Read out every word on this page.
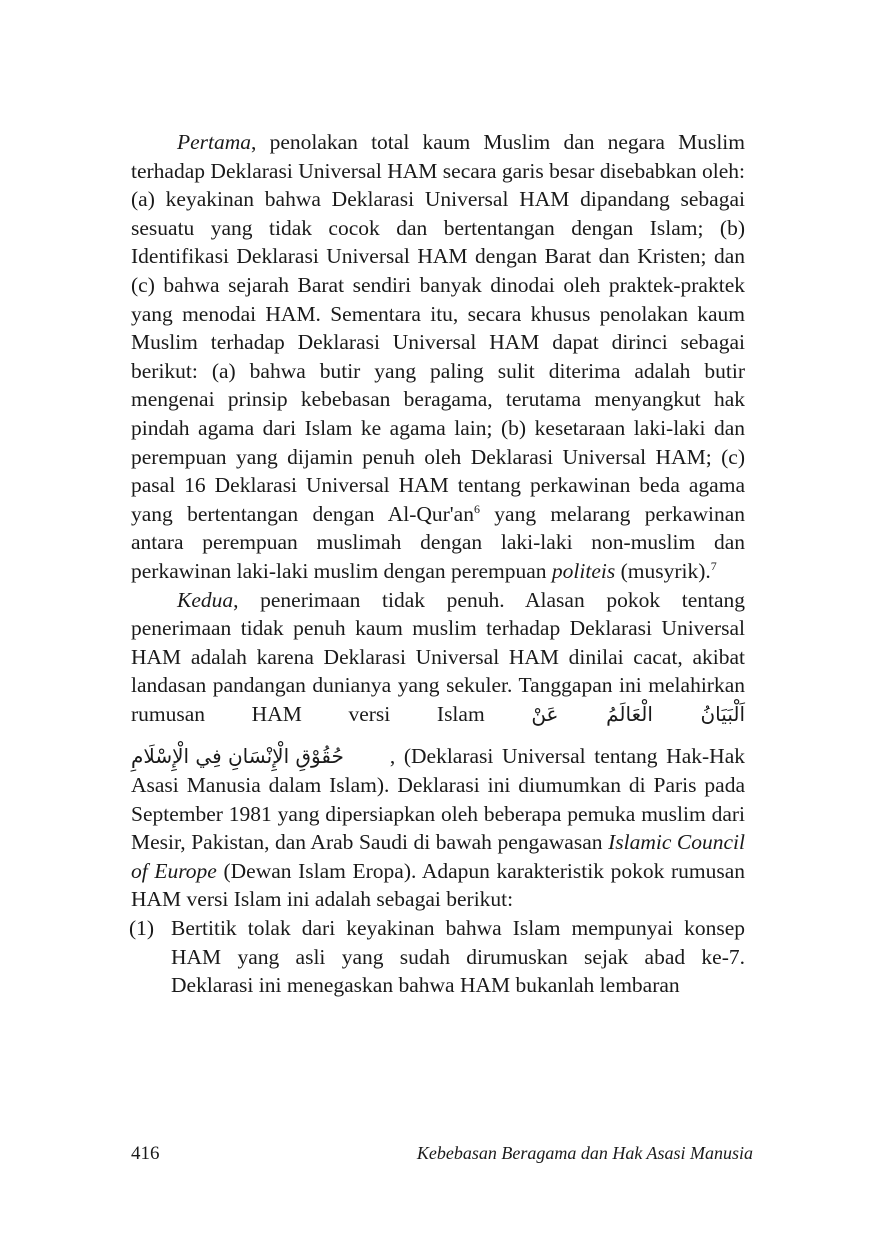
Pertama, penolakan total kaum Muslim dan negara Muslim terhadap Deklarasi Universal HAM secara garis besar disebabkan oleh: (a) keyakinan bahwa Deklarasi Universal HAM dipandang sebagai sesuatu yang tidak cocok dan bertentangan dengan Islam; (b) Identifikasi Deklarasi Universal HAM dengan Barat dan Kristen; dan (c) bahwa sejarah Barat sendiri banyak dinodai oleh praktek-praktek yang menodai HAM. Sementara itu, secara khusus penolakan kaum Muslim terhadap Deklarasi Universal HAM dapat dirinci sebagai berikut: (a) bahwa butir yang paling sulit diterima adalah butir mengenai prinsip kebebasan beragama, terutama menyangkut hak pindah agama dari Islam ke agama lain; (b) kesetaraan laki-laki dan perempuan yang dijamin penuh oleh Deklarasi Universal HAM; (c) pasal 16 Deklarasi Universal HAM tentang perkawinan beda agama yang bertentangan dengan Al-Qur'an$^6$ yang melarang perkawinan antara perempuan muslimah dengan laki-laki non-muslim dan perkawinan laki-laki muslim dengan perempuan politeis (musyrik).$^7$

Kedua, penerimaan tidak penuh. Alasan pokok tentang penerimaan tidak penuh kaum muslim terhadap Deklarasi Universal HAM adalah karena Deklarasi Universal HAM dinilai cacat, akibat landasan pandangan dunianya yang sekuler. Tanggapan ini melahirkan rumusan HAM versi Islam اَلْبَيَانُ الْعَالَمُ عَنْ حُقُوْقِ الْإِنْسَانِ فِي الْإِسْلَامِ , (Deklarasi Universal tentang Hak-Hak Asasi Manusia dalam Islam). Deklarasi ini diumumkan di Paris pada September 1981 yang dipersiapkan oleh beberapa pemuka muslim dari Mesir, Pakistan, dan Arab Saudi di bawah pengawasan Islamic Council of Europe (Dewan Islam Eropa). Adapun karakteristik pokok rumusan HAM versi Islam ini adalah sebagai berikut:

(1) Bertitik tolak dari keyakinan bahwa Islam mempunyai konsep HAM yang asli yang sudah dirumuskan sejak abad ke-7. Deklarasi ini menegaskan bahwa HAM bukanlah lembaran
416	Kebebasan Beragama dan Hak Asasi Manusia
